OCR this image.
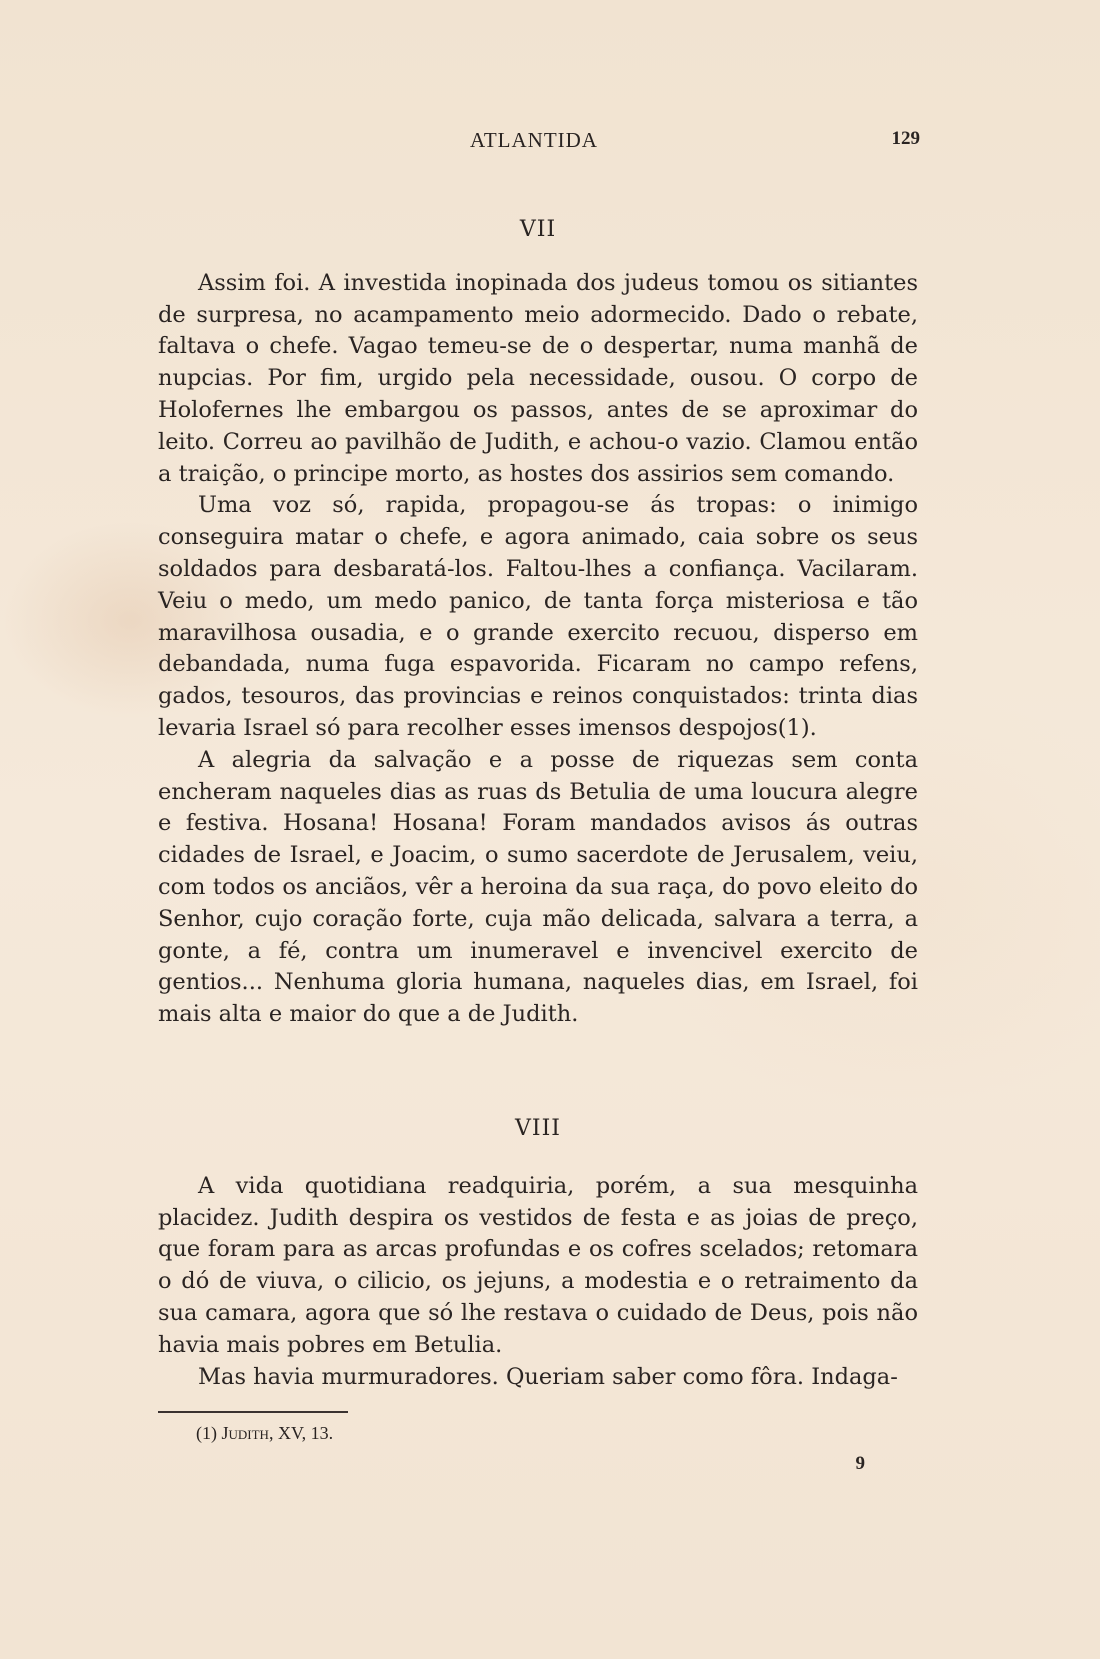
ATLANTIDA	129

VII

Assim foi. A investida inopinada dos judeus tomou os sitiantes de surpresa, no acampamento meio adormecido. Dado o rebate, faltava o chefe. Vagao temeu-se de o despertar, numa manhã de nupcias. Por fim, urgido pela necessidade, ousou. O corpo de Holofernes lhe embargou os passos, antes de se aproximar do leito. Correu ao pavilhão de Judith, e achou-o vazio. Clamou então a traição, o principe morto, as hostes dos assirios sem comando.

Uma voz só, rapida, propagou-se ás tropas: o inimigo conseguira matar o chefe, e agora animado, caia sobre os seus soldados para desbaratá-los. Faltou-lhes a confiança. Vacilaram. Veiu o medo, um medo panico, de tanta força misteriosa e tão maravilhosa ousadia, e o grande exercito recuou, disperso em debandada, numa fuga espavorida. Ficaram no campo refens, gados, tesouros, das provincias e reinos conquistados: trinta dias levaria Israel só para recolher esses imensos despojos(1).

A alegria da salvação e a posse de riquezas sem conta encheram naqueles dias as ruas ds Betulia de uma loucura alegre e festiva. Hosana! Hosana! Foram mandados avisos ás outras cidades de Israel, e Joacim, o sumo sacerdote de Jerusalem, veiu, com todos os anciãos, vêr a heroina da sua raça, do povo eleito do Senhor, cujo coração forte, cuja mão delicada, salvara a terra, a gonte, a fé, contra um inumeravel e invencivel exercito de gentios... Nenhuma gloria humana, naqueles dias, em Israel, foi mais alta e maior do que a de Judith.

VIII

A vida quotidiana readquiria, porém, a sua mesquinha placidez. Judith despira os vestidos de festa e as joias de preço, que foram para as arcas profundas e os cofres scelados; retomara o dó de viuva, o cilicio, os jejuns, a modestia e o retraimento da sua camara, agora que só lhe restava o cuidado de Deus, pois não havia mais pobres em Betulia.

Mas havia murmuradores. Queriam saber como fôra. Indaga-

(1) Judith, XV, 13.
9
